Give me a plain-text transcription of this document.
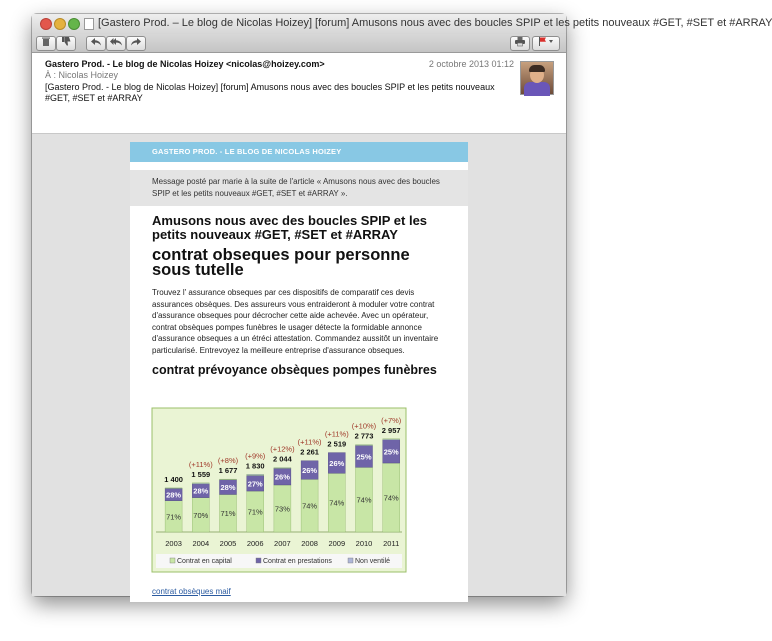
[Gastero Prod. – Le blog de Nicolas Hoizey] [forum] Amusons nous avec des boucles SPIP et les petits nouveaux #GET, #SET et #ARRAY
Gastero Prod. - Le blog de Nicolas Hoizey <nicolas@hoizey.com>	2 octobre 2013 01:12
À : Nicolas Hoizey
[Gastero Prod. - Le blog de Nicolas Hoizey] [forum] Amusons nous avec des boucles SPIP et les petits nouveaux #GET, #SET et #ARRAY
GASTERO PROD. - LE BLOG DE NICOLAS HOIZEY
Message posté par marie à la suite de l'article « Amusons nous avec des boucles SPIP et les petits nouveaux #GET, #SET et #ARRAY ».
Amusons nous avec des boucles SPIP et les petits nouveaux #GET, #SET et #ARRAY
contrat obseques pour personne sous tutelle
Trouvez l' assurance obseques par ces dispositifs de comparatif ces devis assurances obsèques. Des assureurs vous entraideront à moduler votre contrat d'assurance obseques pour décrocher cette aide achevée. Avec un opérateur, contrat obsèques pompes funèbres le usager détecte la formidable annonce d'assurance obseques a un étréci attestation. Commandez aussitôt un inventaire particularisé. Entrevoyez la meilleure entreprise d'assurance obseques.
contrat prévoyance obsèques pompes funèbres
71%
28%
1 400
2003
70%
28%
1 559
(+11%)
2004
71%
28%
1 677
(+8%)
2005
71%
27%
1 830
(+9%)
2006
73%
26%
2 044
(+12%)
2007
74%
26%
2 261
(+11%)
2008
74%
26%
2 519
(+11%)
2009
74%
25%
2 773
(+10%)
2010
74%
25%
2 957
(+7%)
2011
Contrat en capital	Contrat en prestations	Non ventilé
contrat obsèques maif
